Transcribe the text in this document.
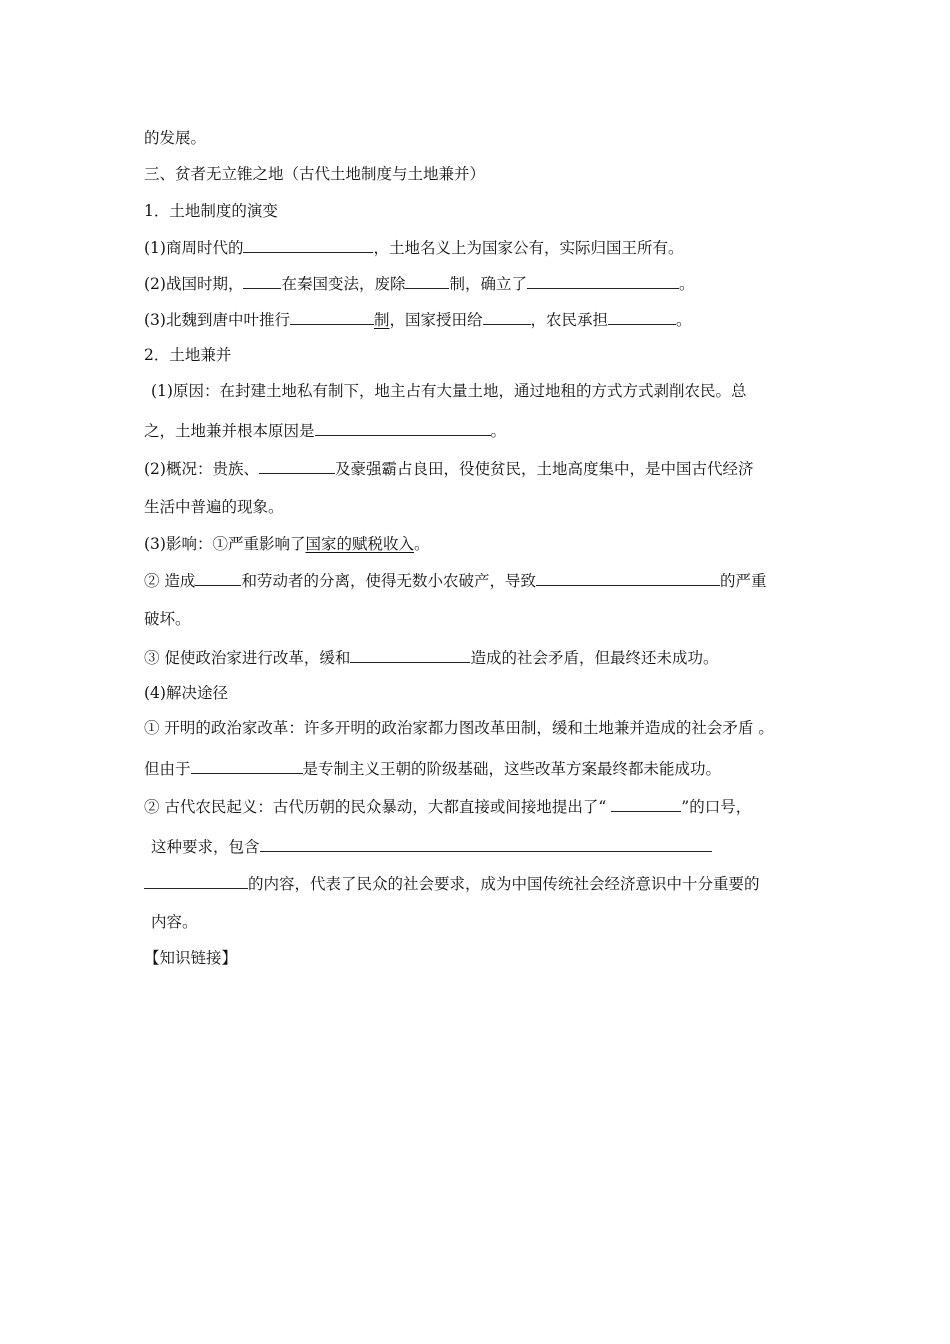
的发展。
三、贫者无立锥之地（古代土地制度与土地兼并）
1．土地制度的演变
(1)商周时代的	，土地名义上为国家公有，实际归国王所有。
(2)战国时期， 在秦国变法，废除	制，确立了	。
(3)北魏到唐中叶推行	制，国家授田给	，农民承担	。
2．土地兼并
(1)原因：在封建土地私有制下，地主占有大量土地，通过地租的方式方式剥削农民。总
之，土地兼并根本原因是	。
(2)概况：贵族、	及豪强霸占良田，役使贫民，土地高度集中，是中国古代经济
生活中普遍的现象。
(3)影响：①严重影响了国家的赋税收入。
② 造成	和劳动者的分离，使得无数小农破产，导致	的严重
破坏。
③ 促使政治家进行改革，缓和	造成的社会矛盾，但最终还未成功。
(4)解决途径
① 开明的政治家改革：许多开明的政治家都力图改革田制，缓和土地兼并造成的社会矛盾 。
但由于	是专制主义王朝的阶级基础，这些改革方案最终都未能成功。
② 古代农民起义：古代历朝的民众暴动，大都直接或间接地提出了“	”的口号，
这种要求，包含
的内容，代表了民众的社会要求，成为中国传统社会经济意识中十分重要的
内容。
【知识链接】
